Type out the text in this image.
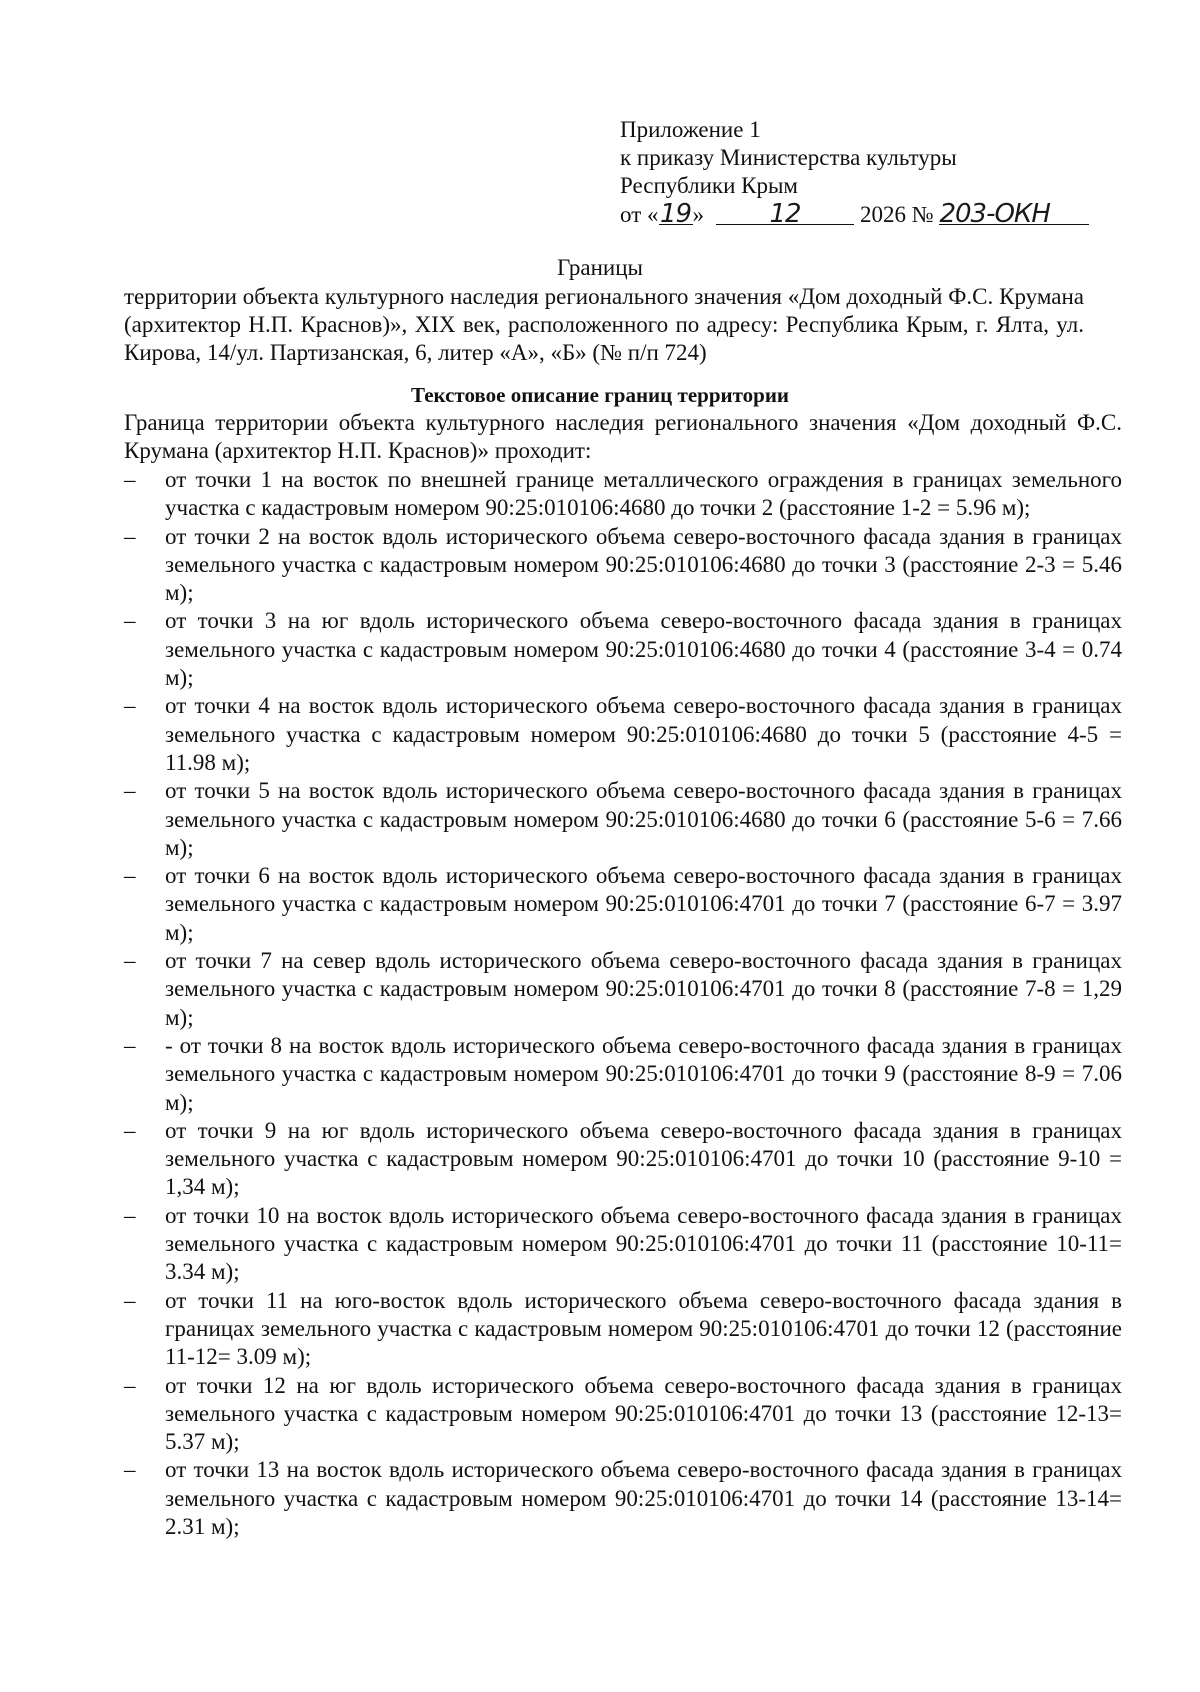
Приложение 1
к приказу Министерства культуры
Республики Крым
от «19»	12	2026 № 203-ОКН
Границы
территории объекта культурного наследия регионального значения «Дом доходный Ф.С. Крумана (архитектор Н.П. Краснов)», XIX век, расположенного по адресу: Республика Крым, г. Ялта, ул. Кирова, 14/ул. Партизанская, 6, литер «А», «Б» (№ п/п 724)
Текстовое описание границ территории
Граница территории объекта культурного наследия регионального значения «Дом доходный Ф.С. Крумана (архитектор Н.П. Краснов)» проходит:
– от точки 1 на восток по внешней границе металлического ограждения в границах земельного участка с кадастровым номером 90:25:010106:4680 до точки 2 (расстояние 1-2 = 5.96 м);
– от точки 2 на восток вдоль исторического объема северо-восточного фасада здания в границах земельного участка с кадастровым номером 90:25:010106:4680 до точки 3 (расстояние 2-3 = 5.46 м);
– от точки 3 на юг вдоль исторического объема северо-восточного фасада здания в границах земельного участка с кадастровым номером 90:25:010106:4680 до точки 4 (расстояние 3-4 = 0.74 м);
– от точки 4 на восток вдоль исторического объема северо-восточного фасада здания в границах земельного участка с кадастровым номером 90:25:010106:4680 до точки 5 (расстояние 4-5 = 11.98 м);
– от точки 5 на восток вдоль исторического объема северо-восточного фасада здания в границах земельного участка с кадастровым номером 90:25:010106:4680 до точки 6 (расстояние 5-6 = 7.66 м);
– от точки 6 на восток вдоль исторического объема северо-восточного фасада здания в границах земельного участка с кадастровым номером 90:25:010106:4701 до точки 7 (расстояние 6-7 = 3.97 м);
– от точки 7 на север вдоль исторического объема северо-восточного фасада здания в границах земельного участка с кадастровым номером 90:25:010106:4701 до точки 8 (расстояние 7-8 = 1,29 м);
– - от точки 8 на восток вдоль исторического объема северо-восточного фасада здания в границах земельного участка с кадастровым номером 90:25:010106:4701 до точки 9 (расстояние 8-9 = 7.06 м);
– от точки 9 на юг вдоль исторического объема северо-восточного фасада здания в границах земельного участка с кадастровым номером 90:25:010106:4701 до точки 10 (расстояние 9-10 = 1,34 м);
– от точки 10 на восток вдоль исторического объема северо-восточного фасада здания в границах земельного участка с кадастровым номером 90:25:010106:4701 до точки 11 (расстояние 10-11= 3.34 м);
– от точки 11 на юго-восток вдоль исторического объема северо-восточного фасада здания в границах земельного участка с кадастровым номером 90:25:010106:4701 до точки 12 (расстояние 11-12= 3.09 м);
– от точки 12 на юг вдоль исторического объема северо-восточного фасада здания в границах земельного участка с кадастровым номером 90:25:010106:4701 до точки 13 (расстояние 12-13= 5.37 м);
– от точки 13 на восток вдоль исторического объема северо-восточного фасада здания в границах земельного участка с кадастровым номером 90:25:010106:4701 до точки 14 (расстояние 13-14= 2.31 м);
